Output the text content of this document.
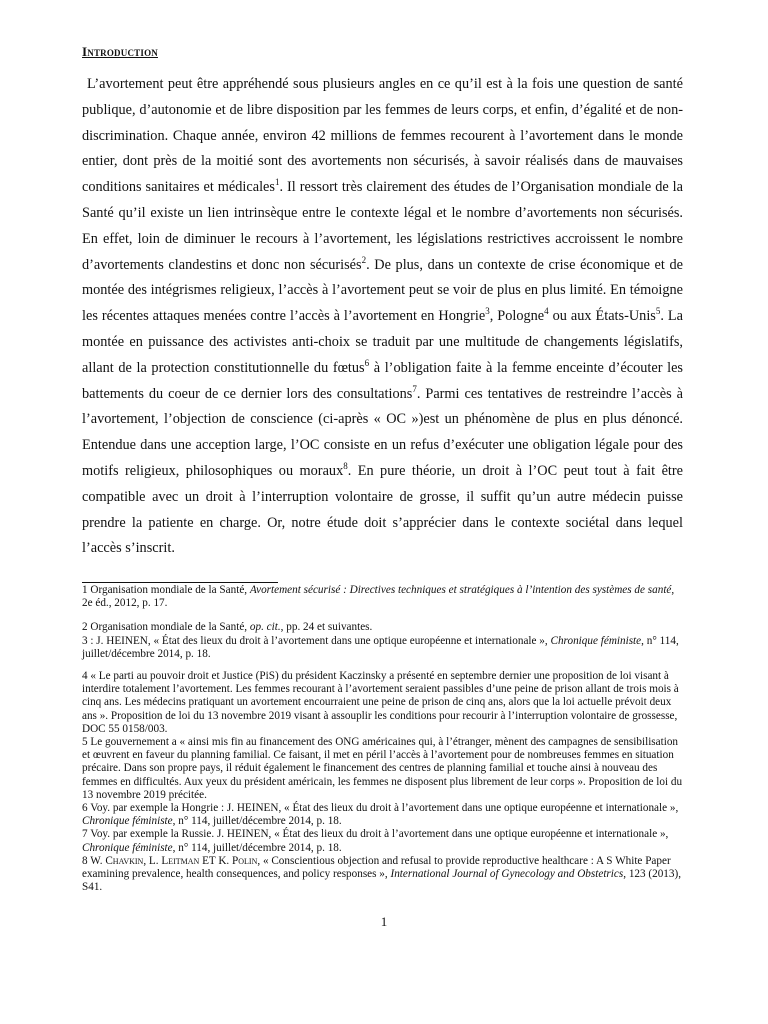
Introduction

L’avortement peut être appréhendé sous plusieurs angles en ce qu’il est à la fois une question de santé publique, d’autonomie et de libre disposition par les femmes de leurs corps, et enfin, d’égalité et de non-discrimination. Chaque année, environ 42 millions de femmes recourent à l’avortement dans le monde entier, dont près de la moitié sont des avortements non sécurisés, à savoir réalisés dans de mauvaises conditions sanitaires et médicales$^1$. Il ressort très clairement des études de l’Organisation mondiale de la Santé qu’il existe un lien intrinsèque entre le contexte légal et le nombre d’avortements non sécurisés. En effet, loin de diminuer le recours à l’avortement, les législations restrictives accroissent le nombre d’avortements clandestins et donc non sécurisés$^2$. De plus, dans un contexte de crise économique et de montée des intégrismes religieux, l’accès à l’avortement peut se voir de plus en plus limité. En témoigne les récentes attaques menées contre l’accès à l’avortement en Hongrie$^3$, Pologne$^4$ ou aux États-Unis$^5$. La montée en puissance des activistes anti-choix se traduit par une multitude de changements législatifs, allant de la protection constitutionnelle du fœtus$^6$ à l’obligation faite à la femme enceinte d’écouter les battements du coeur de ce dernier lors des consultations$^7$. Parmi ces tentatives de restreindre l’accès à l’avortement, l’objection de conscience (ci-après « OC »)est un phénomène de plus en plus dénoncé. Entendue dans une acception large, l’OC consiste en un refus d’exécuter une obligation légale pour des motifs religieux, philosophiques ou moraux$^8$. En pure théorie, un droit à l’OC peut tout à fait être compatible avec un droit à l’interruption volontaire de grosse, il suffit qu’un autre médecin puisse prendre la patiente en charge. Or, notre étude doit s’apprécier dans le contexte sociétal dans lequel l’accès s’inscrit.

1 Organisation mondiale de la Santé, Avortement sécurisé : Directives techniques et stratégiques à l’intention des systèmes de santé, 2e éd., 2012, p. 17.

2 Organisation mondiale de la Santé, op. cit., pp. 24 et suivantes.

3 : J. HEINEN, « État des lieux du droit à l’avortement dans une optique européenne et internationale », Chronique féministe, n° 114, juillet/décembre 2014, p. 18.

4 « Le parti au pouvoir droit et Justice (PiS) du président Kaczinsky a présenté en septembre dernier une proposition de loi visant à interdire totalement l’avortement. Les femmes recourant à l’avortement seraient passibles d’une peine de prison allant de trois mois à cinq ans. Les médecins pratiquant un avortement encourraient une peine de prison de cinq ans, alors que la loi actuelle prévoit deux ans ». Proposition de loi du 13 novembre 2019 visant à assouplir les conditions pour recourir à l’interruption volontaire de grossesse, DOC 55 0158/003.

5 Le gouvernement a « ainsi mis fin au financement des ONG américaines qui, à l’étranger, mènent des campagnes de sensibilisation et œuvrent en faveur du planning familial. Ce faisant, il met en péril l’accès à l’avortement pour de nombreuses femmes en situation précaire. Dans son propre pays, il réduit également le financement des centres de planning familial et touche ainsi à nouveau des femmes en difficultés. Aux yeux du président américain, les femmes ne disposent plus librement de leur corps ». Proposition de loi du 13 novembre 2019 précitée.

6 Voy. par exemple la Hongrie : J. HEINEN, « État des lieux du droit à l’avortement dans une optique européenne et internationale », Chronique féministe, n° 114, juillet/décembre 2014, p. 18.

7 Voy. par exemple la Russie. J. HEINEN, « État des lieux du droit à l’avortement dans une optique européenne et internationale », Chronique féministe, n° 114, juillet/décembre 2014, p. 18.

8 W. Chavkin, L. Leitman ET K. Polin, « Conscientious objection and refusal to provide reproductive healthcare : A S White Paper examining prevalence, health consequences, and policy responses », International Journal of Gynecology and Obstetrics, 123 (2013), S41.

1
